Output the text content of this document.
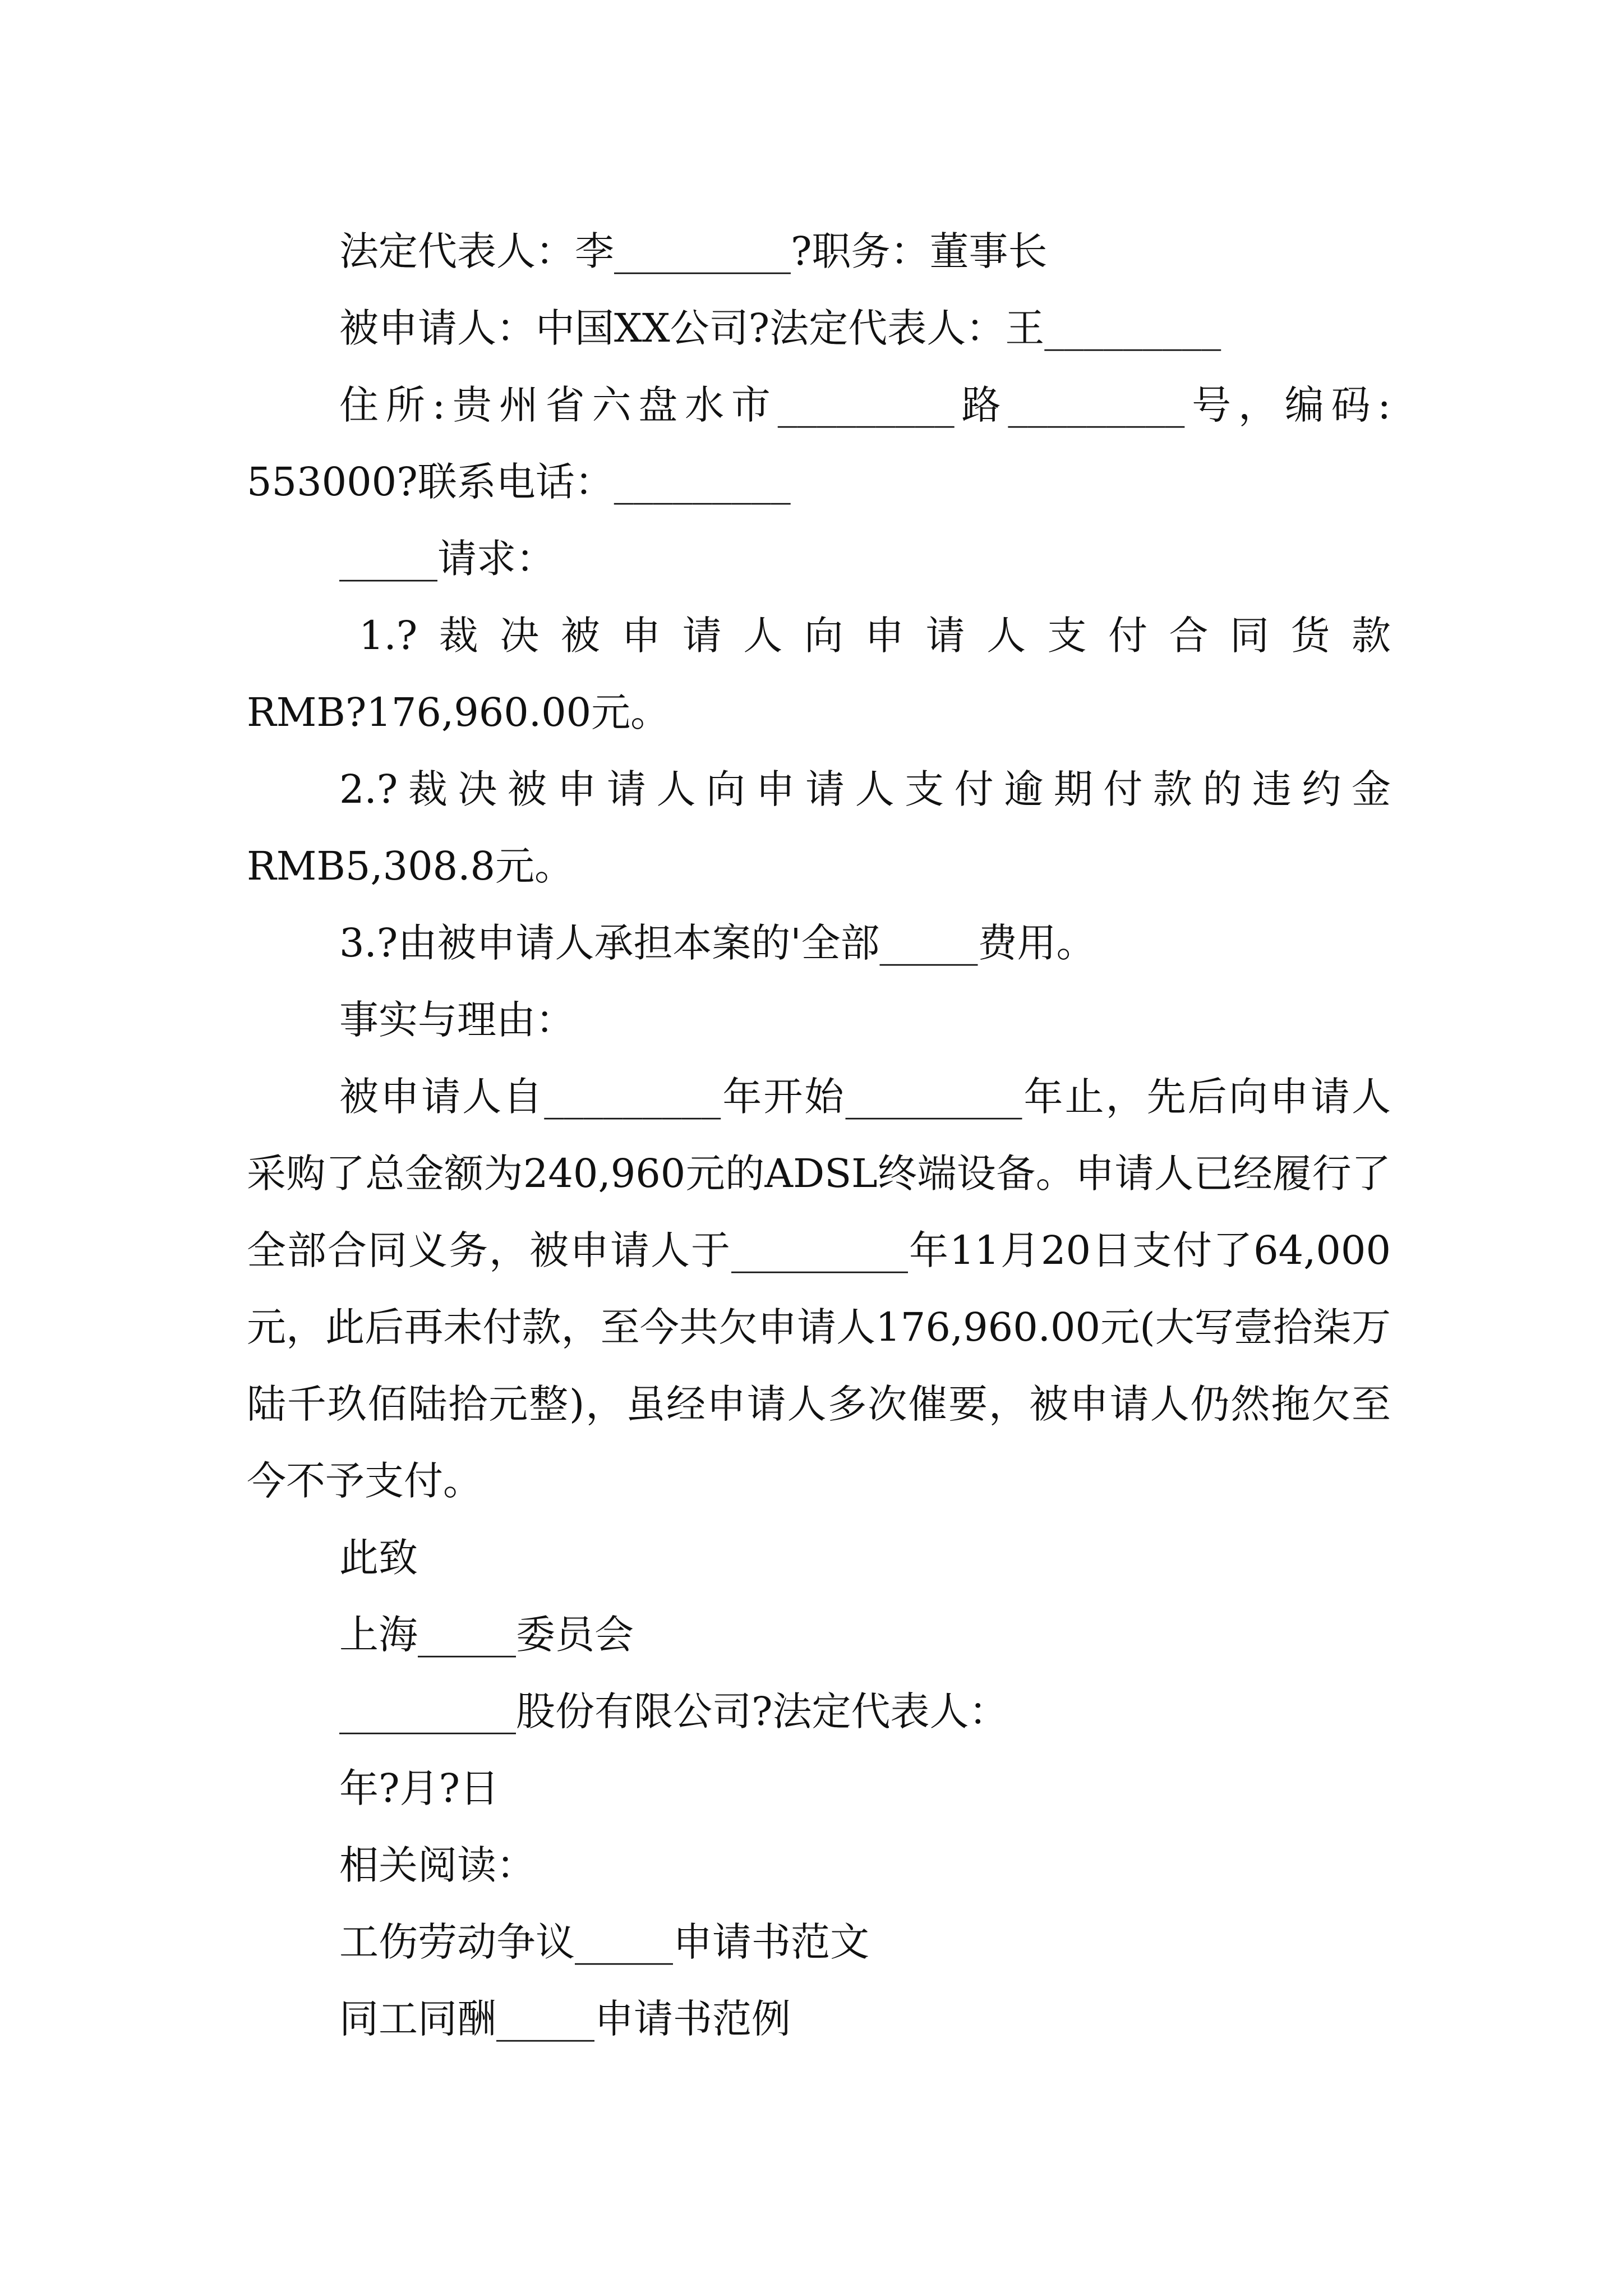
法定代表人：李_________?职务：董事长
被申请人：中国XX公司?法定代表人：王_________
住所:贵州省六盘水市_________路_________号，编码:
553000?联系电话：_________
_____请求：
1.?裁决被申请人向申请人支付合同货款
RMB?176,960.00元。
2.?裁决被申请人向申请人支付逾期付款的违约金
RMB5,308.8元。
3.?由被申请人承担本案的'全部_____费用。
事实与理由：
被申请人自_________年开始_________年止，先后向申请人采购了总金额为240,960元的ADSL终端设备。申请人已经履行了全部合同义务，被申请人于_________年11月20日支付了64,000元，此后再未付款，至今共欠申请人176,960.00元(大写壹拾柒万陆千玖佰陆拾元整)，虽经申请人多次催要，被申请人仍然拖欠至今不予支付。
此致
上海_____委员会
_________股份有限公司?法定代表人：
年?月?日
相关阅读：
工伤劳动争议_____申请书范文
同工同酬_____申请书范例
